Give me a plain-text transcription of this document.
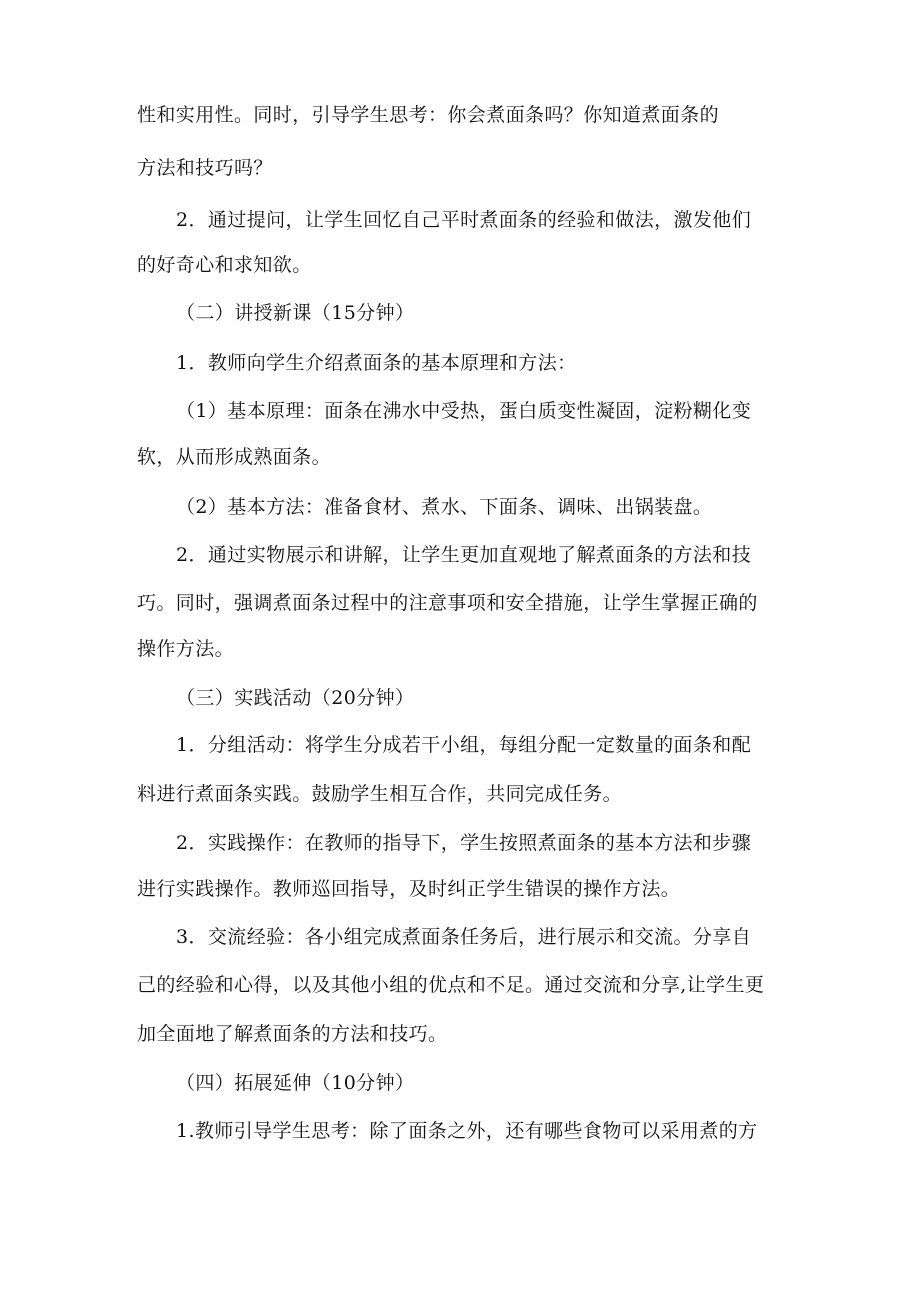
性和实用性。同时，引导学生思考：你会煮面条吗？你知道煮面条的
方法和技巧吗？
2．通过提问，让学生回忆自己平时煮面条的经验和做法，激发他们
的好奇心和求知欲。
（二）讲授新课（15分钟）
1．教师向学生介绍煮面条的基本原理和方法：
（1）基本原理：面条在沸水中受热，蛋白质变性凝固，淀粉糊化变
软，从而形成熟面条。
（2）基本方法：准备食材、煮水、下面条、调味、出锅装盘。
2．通过实物展示和讲解，让学生更加直观地了解煮面条的方法和技
巧。同时，强调煮面条过程中的注意事项和安全措施，让学生掌握正确的
操作方法。
（三）实践活动（20分钟）
1．分组活动：将学生分成若干小组，每组分配一定数量的面条和配
料进行煮面条实践。鼓励学生相互合作，共同完成任务。
2．实践操作：在教师的指导下，学生按照煮面条的基本方法和步骤
进行实践操作。教师巡回指导，及时纠正学生错误的操作方法。
3．交流经验：各小组完成煮面条任务后，进行展示和交流。分享自
己的经验和心得，以及其他小组的优点和不足。通过交流和分享,让学生更
加全面地了解煮面条的方法和技巧。
（四）拓展延伸（10分钟）
1.教师引导学生思考：除了面条之外，还有哪些食物可以采用煮的方
